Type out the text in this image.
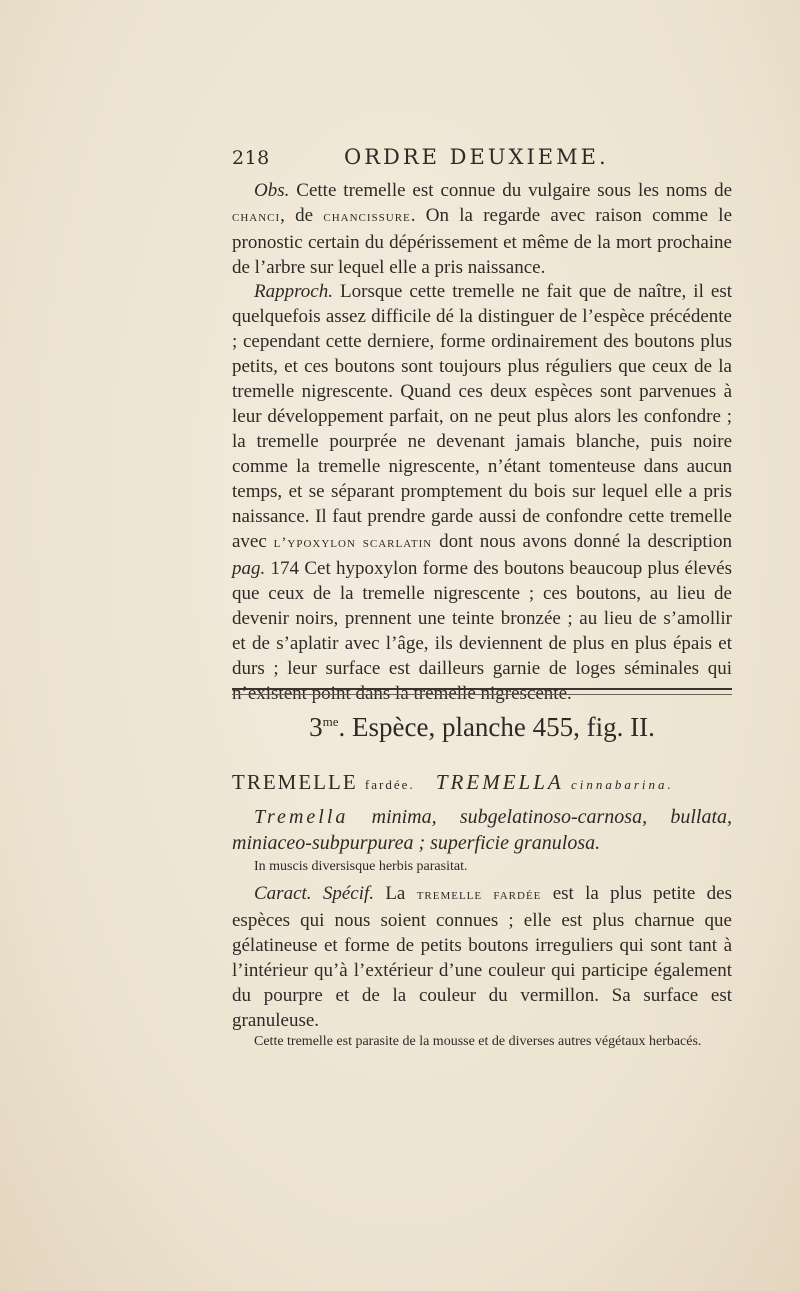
218	ORDRE DEUXIEME.

Obs. Cette tremelle est connue du vulgaire sous les noms de chanci, de chancissure. On la regarde avec raison comme le pronostic certain du dépérissement et même de la mort prochaine de l’arbre sur lequel elle a pris naissance.

Rapproch. Lorsque cette tremelle ne fait que de naître, il est quelquefois assez difficile dé la distinguer de l’espèce précédente ; cependant cette derniere, forme ordinairement des boutons plus petits, et ces boutons sont toujours plus réguliers que ceux de la tremelle nigrescente. Quand ces deux espèces sont parvenues à leur développement parfait, on ne peut plus alors les confondre ; la tremelle pourprée ne devenant jamais blanche, puis noire comme la tremelle nigrescente, n’étant tomenteuse dans aucun temps, et se séparant promptement du bois sur lequel elle a pris naissance. Il faut prendre garde aussi de confondre cette tremelle avec l’ypoxylon scarlatin dont nous avons donné la description pag. 174 Cet hypoxylon forme des boutons beaucoup plus élevés que ceux de la tremelle nigrescente ; ces boutons, au lieu de devenir noirs, prennent une teinte bronzée ; au lieu de s’amollir et de s’aplatir avec l’âge, ils deviennent de plus en plus épais et durs ; leur surface est dailleurs garnie de loges séminales qui n’existent point dans la tremelle nigrescente.

$3^{me}$. Espèce, planche 455, fig. II.
TREMELLE fardée. TREMELLA cinnabarina.

Tremella minima, subgelatinoso-carnosa, bullata, miniaceo-subpurpurea ; superficie granulosa.

In muscis diversisque herbis parasitat.

Caract. Spécif. La tremelle fardée est la plus petite des espèces qui nous soient connues ; elle est plus charnue que gélatineuse et forme de petits boutons irreguliers qui sont tant à l’intérieur qu’à l’extérieur d’une couleur qui participe également du pourpre et de la couleur du vermillon. Sa surface est granuleuse.

Cette tremelle est parasite de la mousse et de diverses autres végétaux herbacés.
